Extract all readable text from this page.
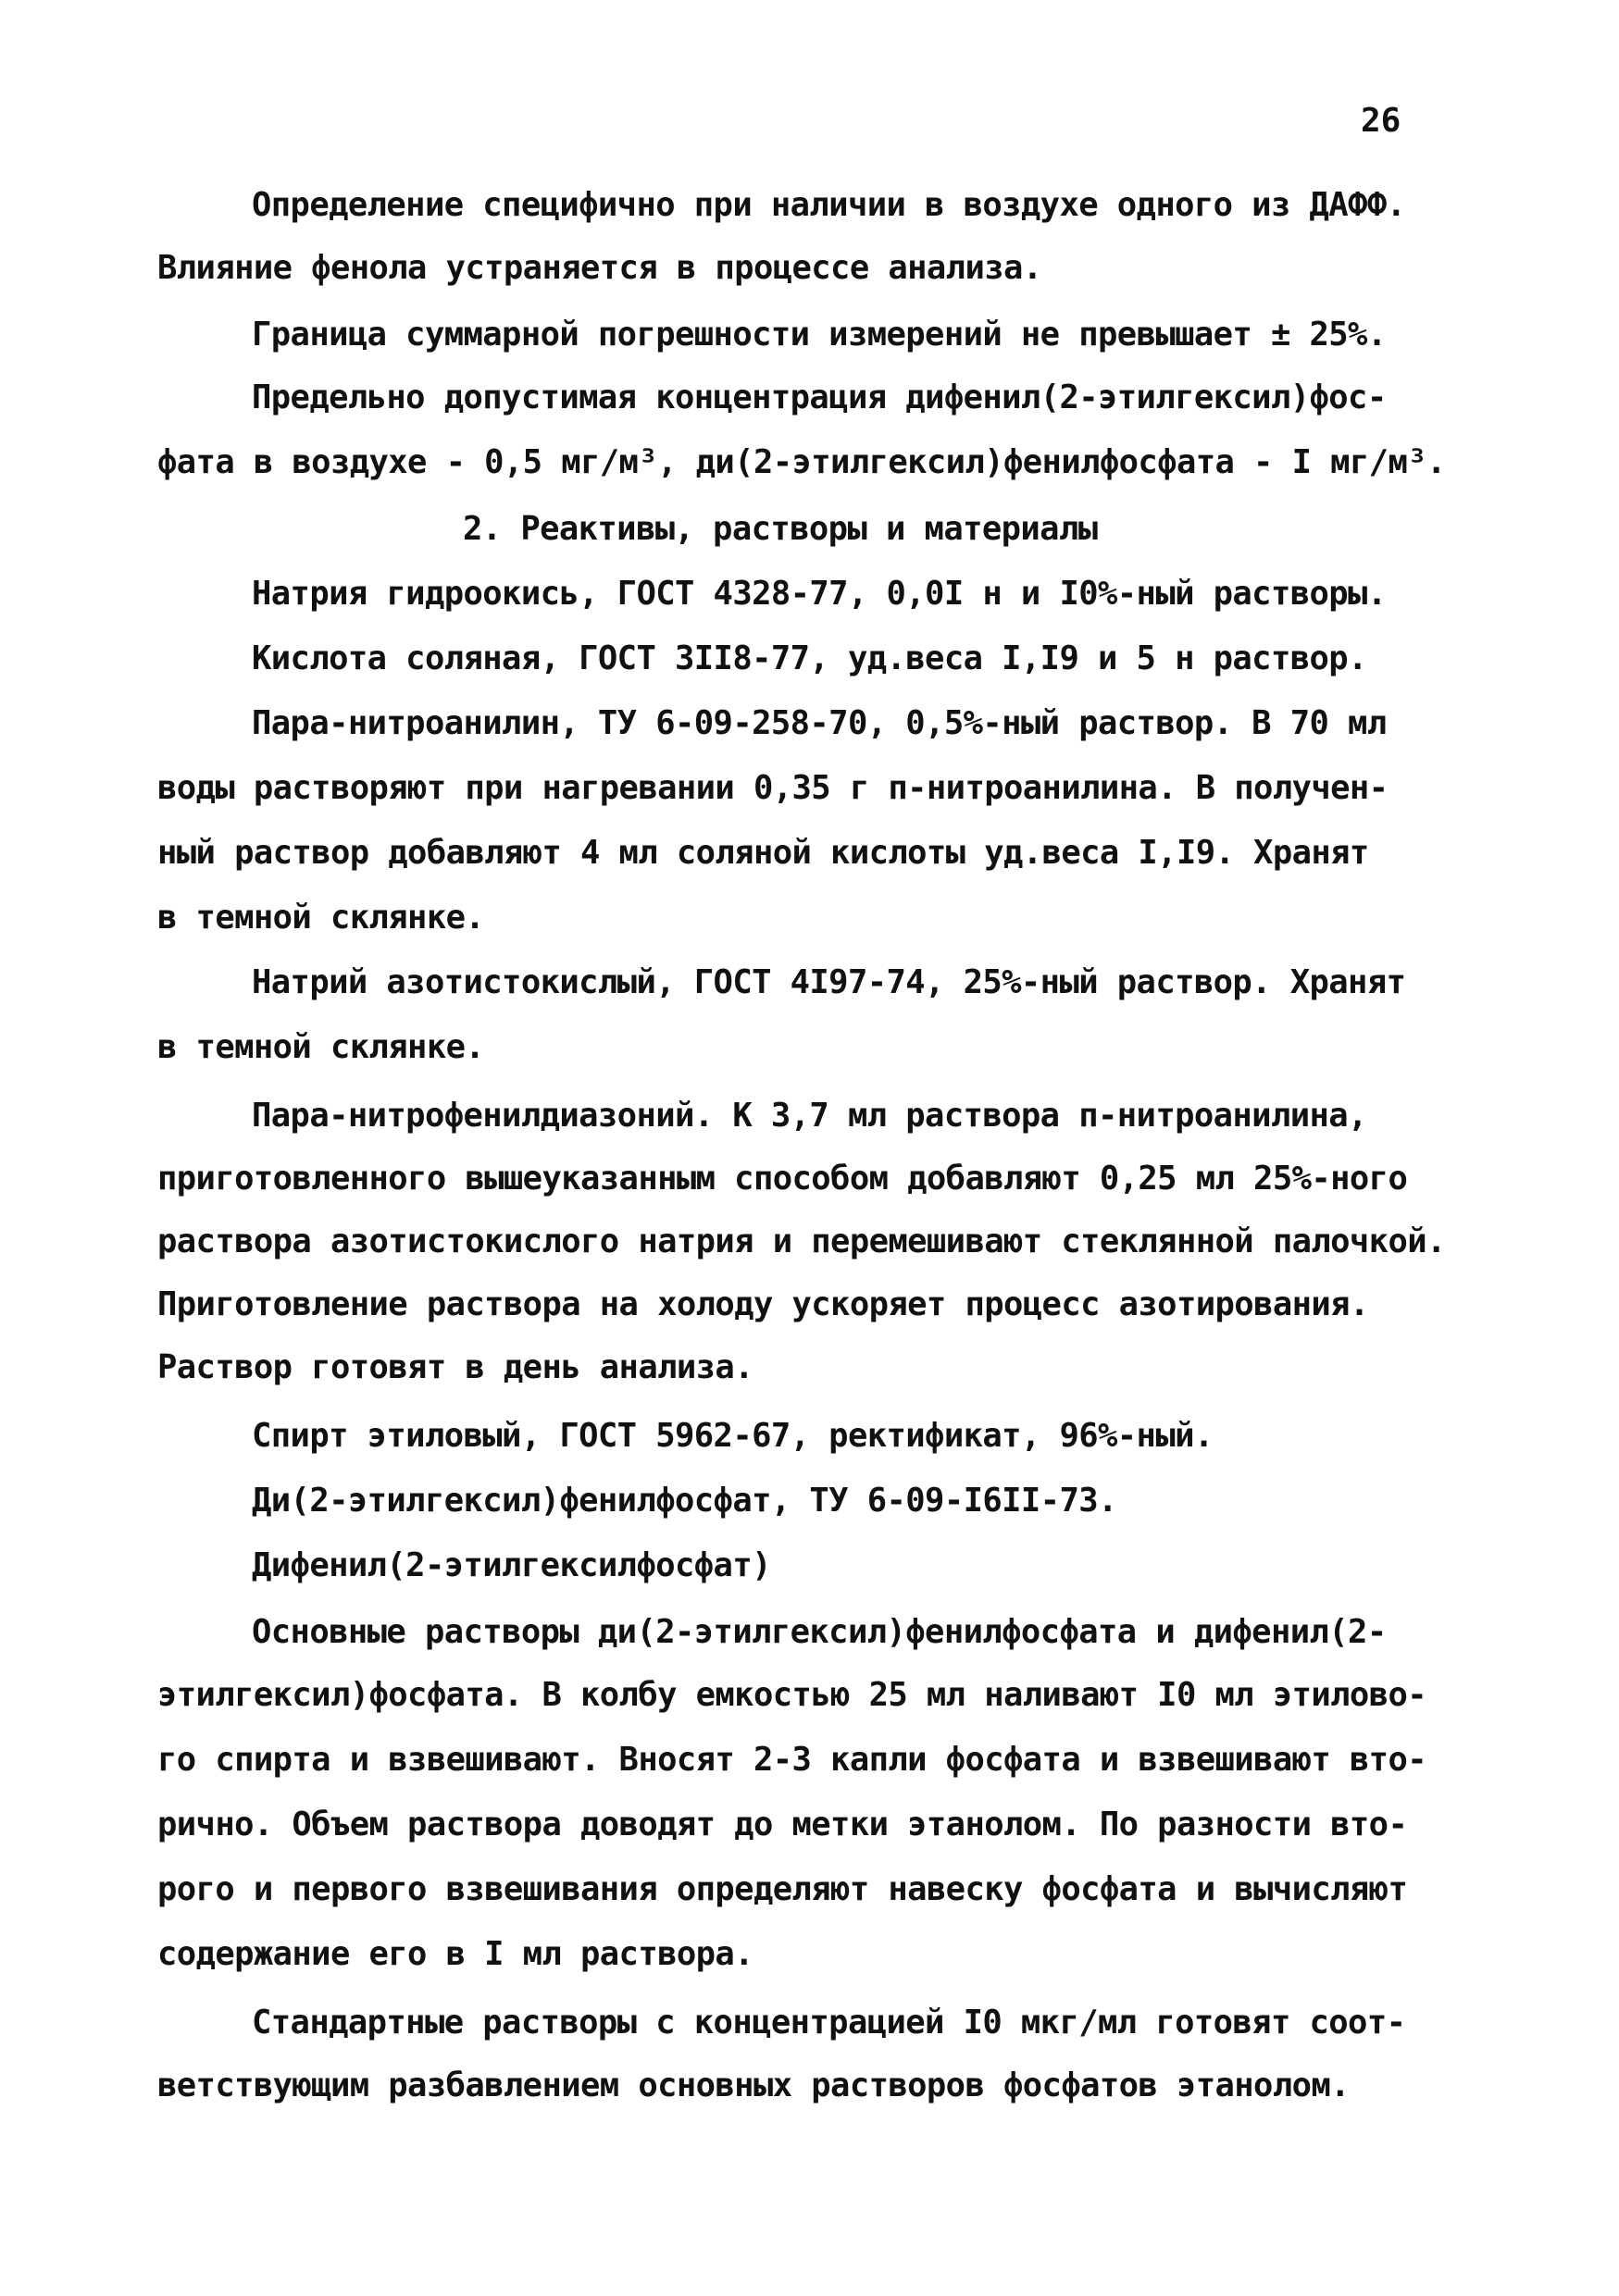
26
Определение специфично при наличии в воздухе одного из ДАФФ.
Влияние фенола устраняется в процессе анализа.
Граница суммарной погрешности измерений не превышает ± 25%.
Предельно допустимая концентрация дифенил(2-этилгексил)фос-
фата в воздухе - 0,5 мг/м³, ди(2-этилгексил)фенилфосфата - I мг/м³.
2. Реактивы, растворы и материалы
Натрия гидроокись, ГОСТ 4328-77, 0,0I н и I0%-ный растворы.
Кислота соляная, ГОСТ 3II8-77, уд.веса I,I9 и 5 н раствор.
Пара-нитроанилин, ТУ 6-09-258-70, 0,5%-ный раствор. В 70 мл
воды растворяют при нагревании 0,35 г п-нитроанилина. В получен-
ный раствор добавляют 4 мл соляной кислоты уд.веса I,I9. Хранят
в темной склянке.
Натрий азотистокислый, ГОСТ 4I97-74, 25%-ный раствор. Хранят
в темной склянке.
Пара-нитрофенилдиазоний. К 3,7 мл раствора п-нитроанилина,
приготовленного вышеуказанным способом добавляют 0,25 мл 25%-ного
раствора азотистокислого натрия и перемешивают стеклянной палочкой.
Приготовление раствора на холоду ускоряет процесс азотирования.
Раствор готовят в день анализа.
Спирт этиловый, ГОСТ 5962-67, ректификат, 96%-ный.
Ди(2-этилгексил)фенилфосфат, ТУ 6-09-I6II-73.
Дифенил(2-этилгексилфосфат)
Основные растворы ди(2-этилгексил)фенилфосфата и дифенил(2-
этилгексил)фосфата. В колбу емкостью 25 мл наливают I0 мл этилово-
го спирта и взвешивают. Вносят 2-3 капли фосфата и взвешивают вто-
рично. Объем раствора доводят до метки этанолом. По разности вто-
рого и первого взвешивания определяют навеску фосфата и вычисляют
содержание его в I мл раствора.
Стандартные растворы с концентрацией I0 мкг/мл готовят соот-
ветствующим разбавлением основных растворов фосфатов этанолом.
